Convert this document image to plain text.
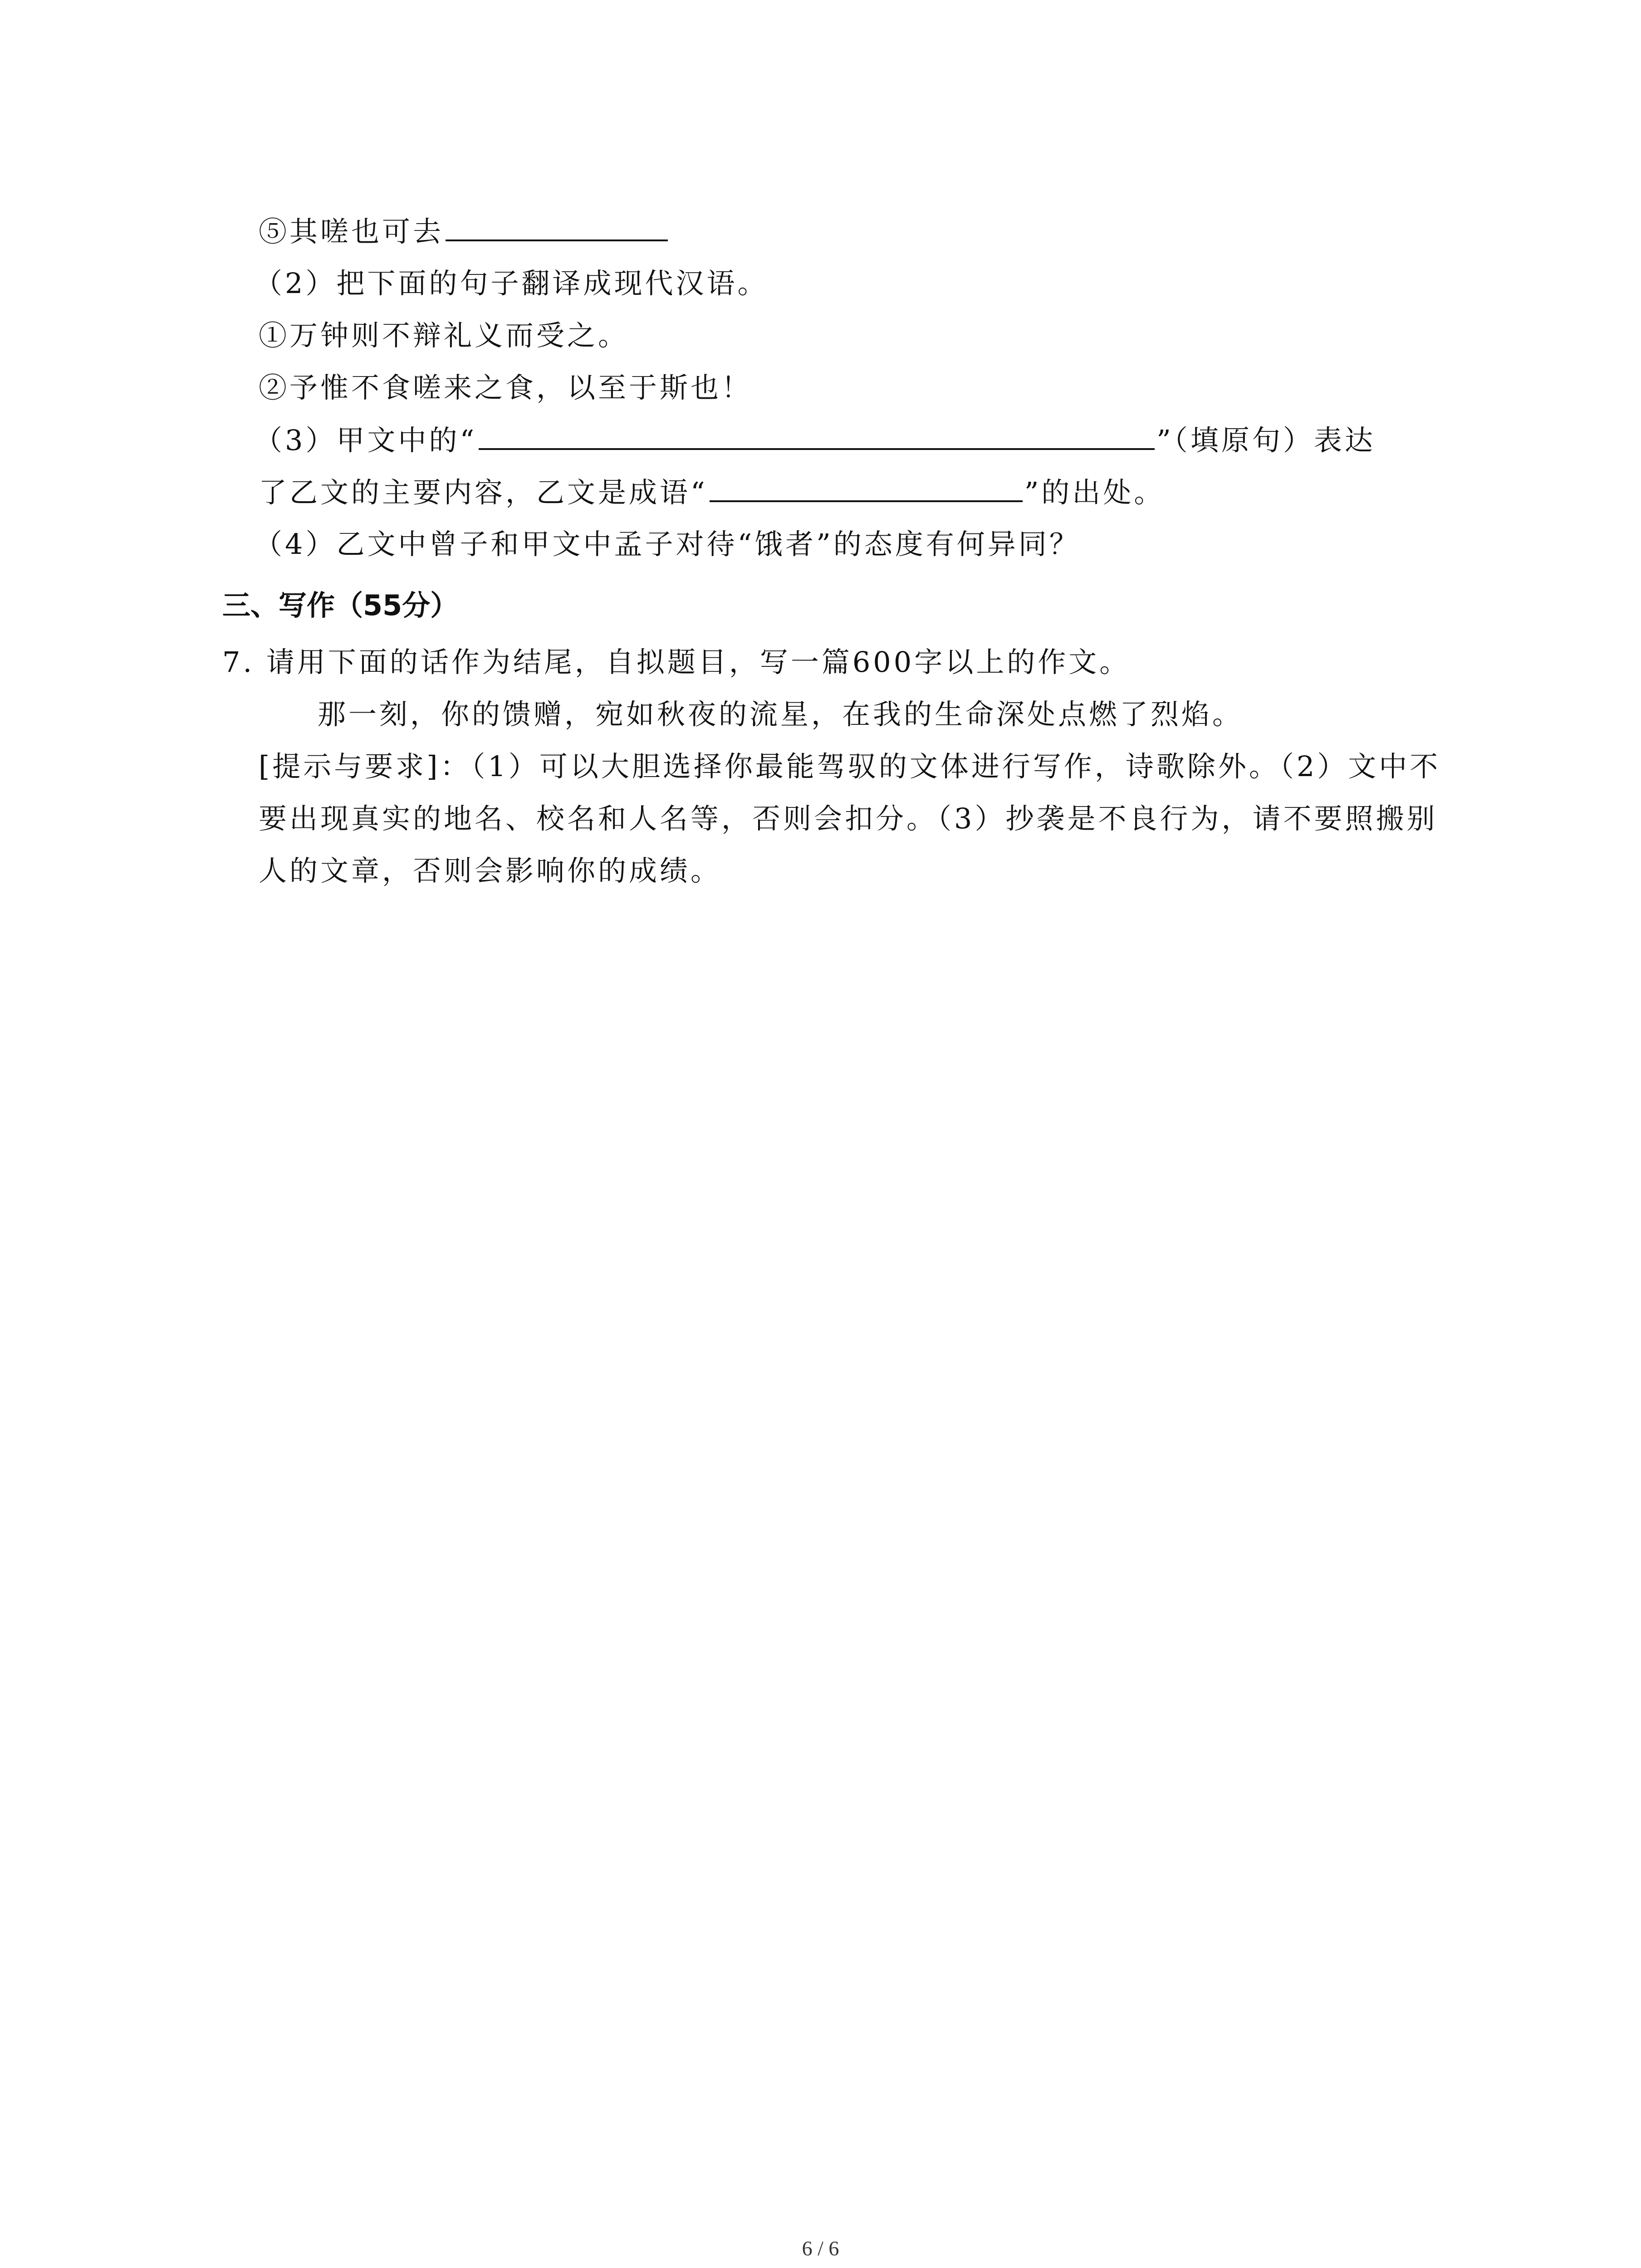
⑤其嗟也可去
（2）把下面的句子翻译成现代汉语。
①万钟则不辩礼义而受之。
②予惟不食嗟来之食，以至于斯也！
（3）甲文中的“	”（填原句）表达
了乙文的主要内容，乙文是成语“	”的出处。
（4）乙文中曾子和甲文中孟子对待“饿者”的态度有何异同？
三、写作（55分）
7. 请用下面的话作为结尾，自拟题目，写一篇600字以上的作文。
那一刻，你的馈赠，宛如秋夜的流星，在我的生命深处点燃了烈焰。
[提示与要求]：（1）可以大胆选择你最能驾驭的文体进行写作，诗歌除外。（2）文中不
要出现真实的地名、校名和人名等，否则会扣分。（3）抄袭是不良行为，请不要照搬别
人的文章，否则会影响你的成绩。
6 / 6
